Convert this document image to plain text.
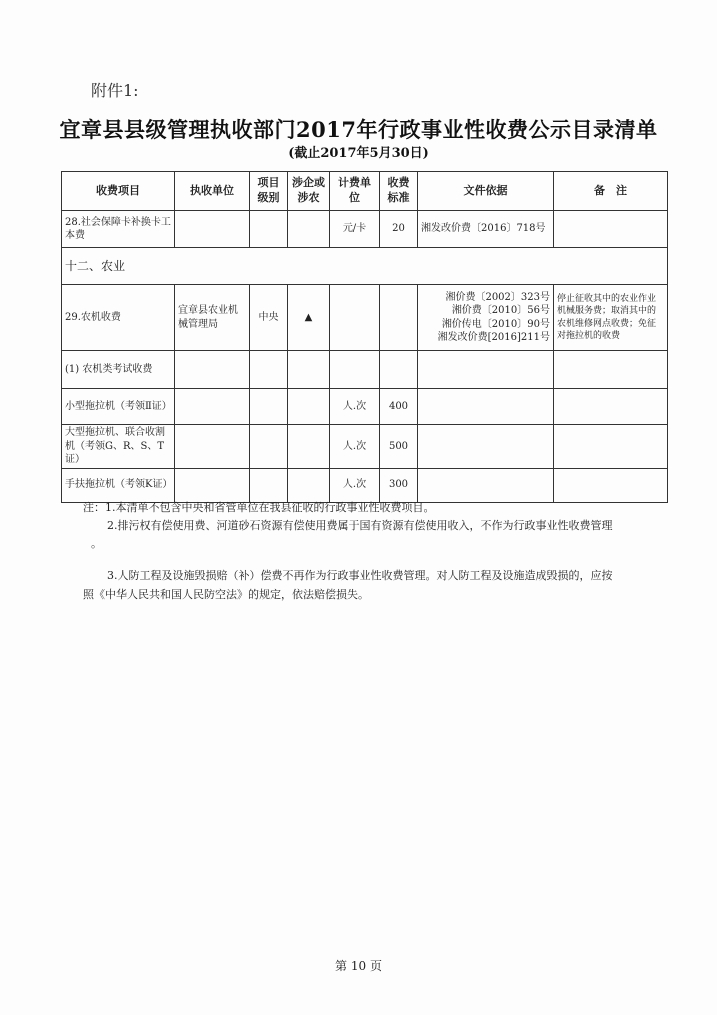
附件1:
宜章县县级管理执收部门2017年行政事业性收费公示目录清单
(截止2017年5月30日)
收费项目	执收单位	项目级别	涉企或涉农	计费单位	收费标准	文件依据	备　注
28.社会保障卡补换卡工本费				元/卡	20	湘发改价费〔2016〕718号	
十二、农业							
29.农机收费	宜章县农业机械管理局	中央	▲			湘价费〔2002〕323号
湘价费〔2010〕56号
湘价传电〔2010〕90号
湘发改价费[2016]211号	停止征收其中的农业作业机械服务费；取消其中的农机维修网点收费；免征对拖拉机的收费
(1) 农机类考试收费							
小型拖拉机（考领Ⅱ证）				人.次	400		
大型拖拉机、联合收割机（考领G、R、S、T证）				人.次	500		
手扶拖拉机（考领K证）				人.次	300		

注：1.本清单不包含中央和省管单位在我县征收的行政事业性收费项目。

2.排污权有偿使用费、河道砂石资源有偿使用费属于国有资源有偿使用收入，不作为行政事业性收费管理

。

3.人防工程及设施毁损赔（补）偿费不再作为行政事业性收费管理。对人防工程及设施造成毁损的，应按

照《中华人民共和国人民防空法》的规定，依法赔偿损失。

第 10 页
